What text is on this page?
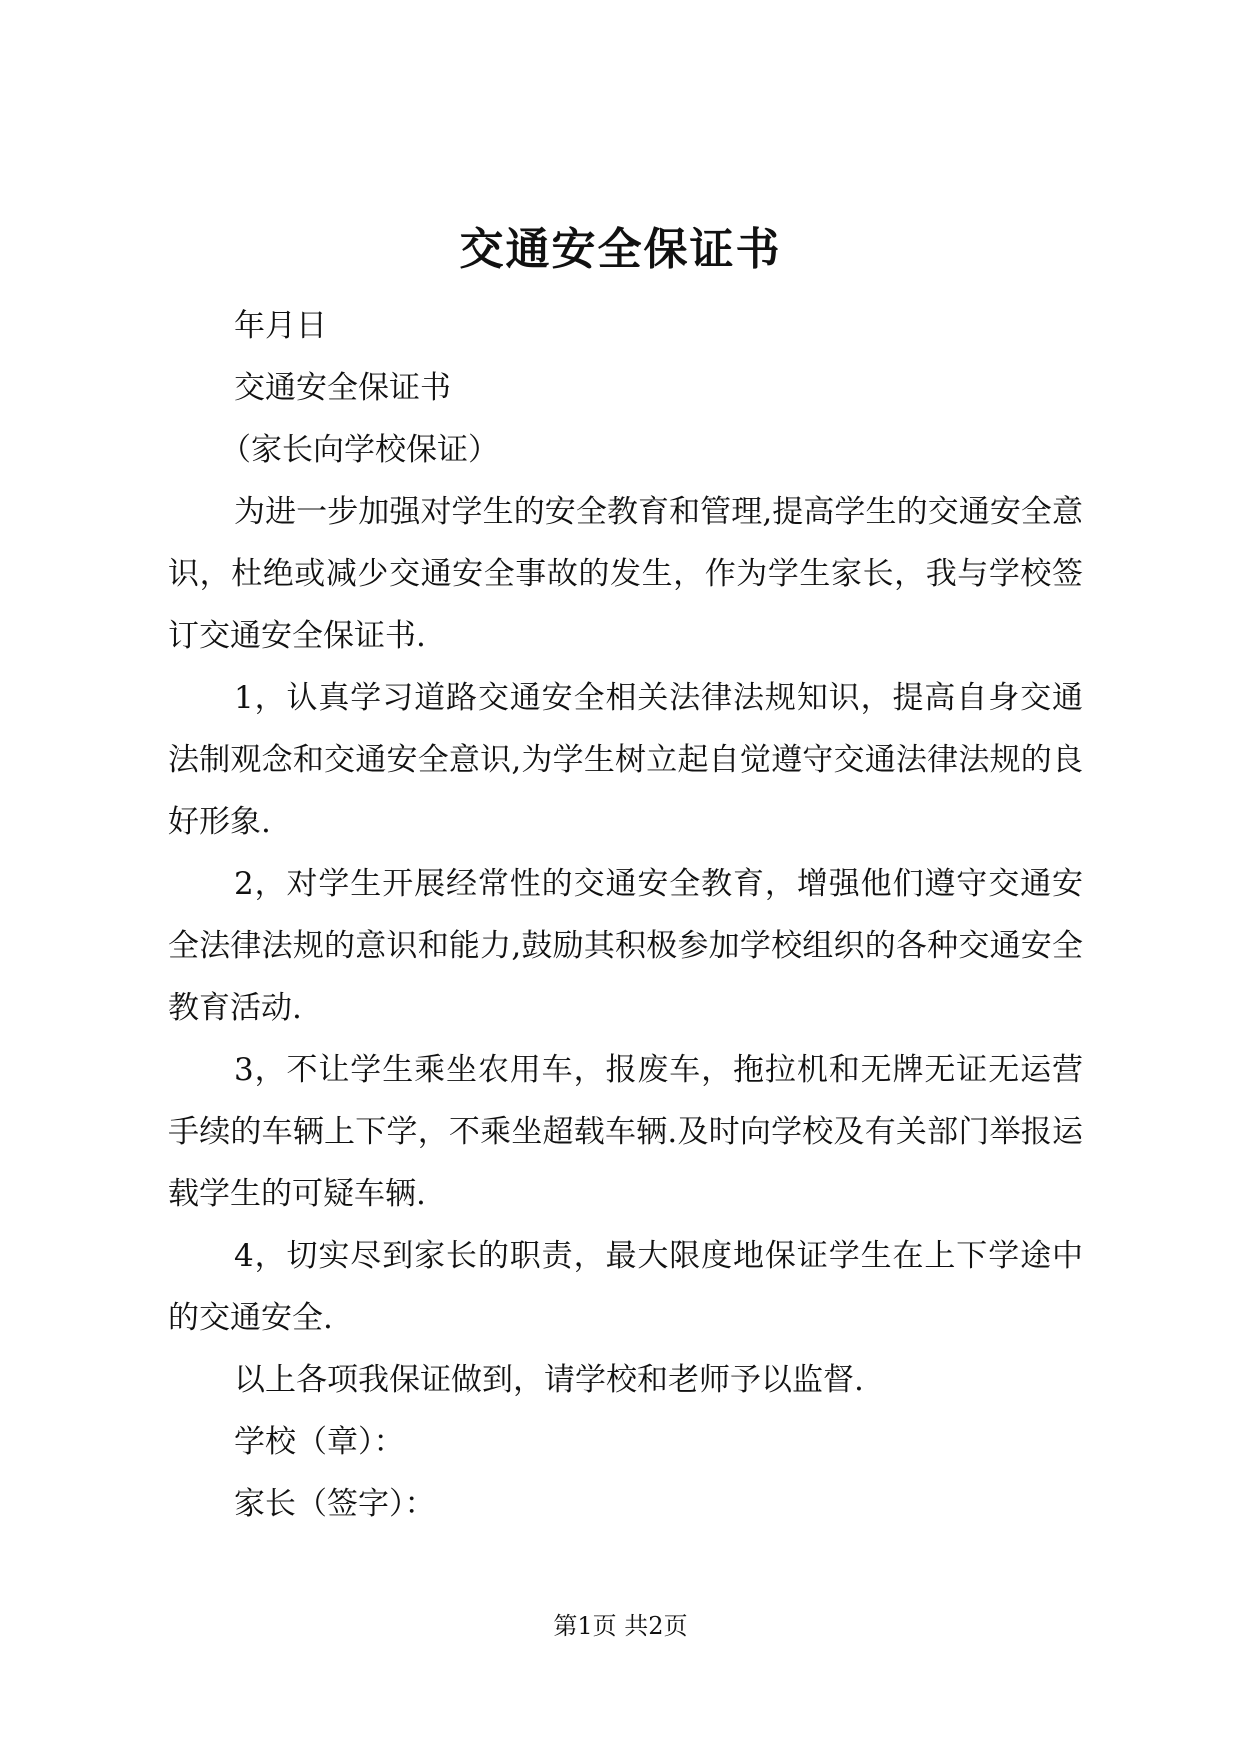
交通安全保证书

年月日

交通安全保证书

（家长向学校保证）

为进一步加强对学生的安全教育和管理,提高学生的交通安全意识，杜绝或减少交通安全事故的发生，作为学生家长，我与学校签订交通安全保证书.

1，认真学习道路交通安全相关法律法规知识，提高自身交通法制观念和交通安全意识,为学生树立起自觉遵守交通法律法规的良好形象.

2，对学生开展经常性的交通安全教育，增强他们遵守交通安全法律法规的意识和能力,鼓励其积极参加学校组织的各种交通安全教育活动.

3，不让学生乘坐农用车，报废车，拖拉机和无牌无证无运营手续的车辆上下学，不乘坐超载车辆.及时向学校及有关部门举报运载学生的可疑车辆.

4，切实尽到家长的职责，最大限度地保证学生在上下学途中的交通安全.

以上各项我保证做到，请学校和老师予以监督.

学校（章）：

家长（签字）：

第1页 共2页
